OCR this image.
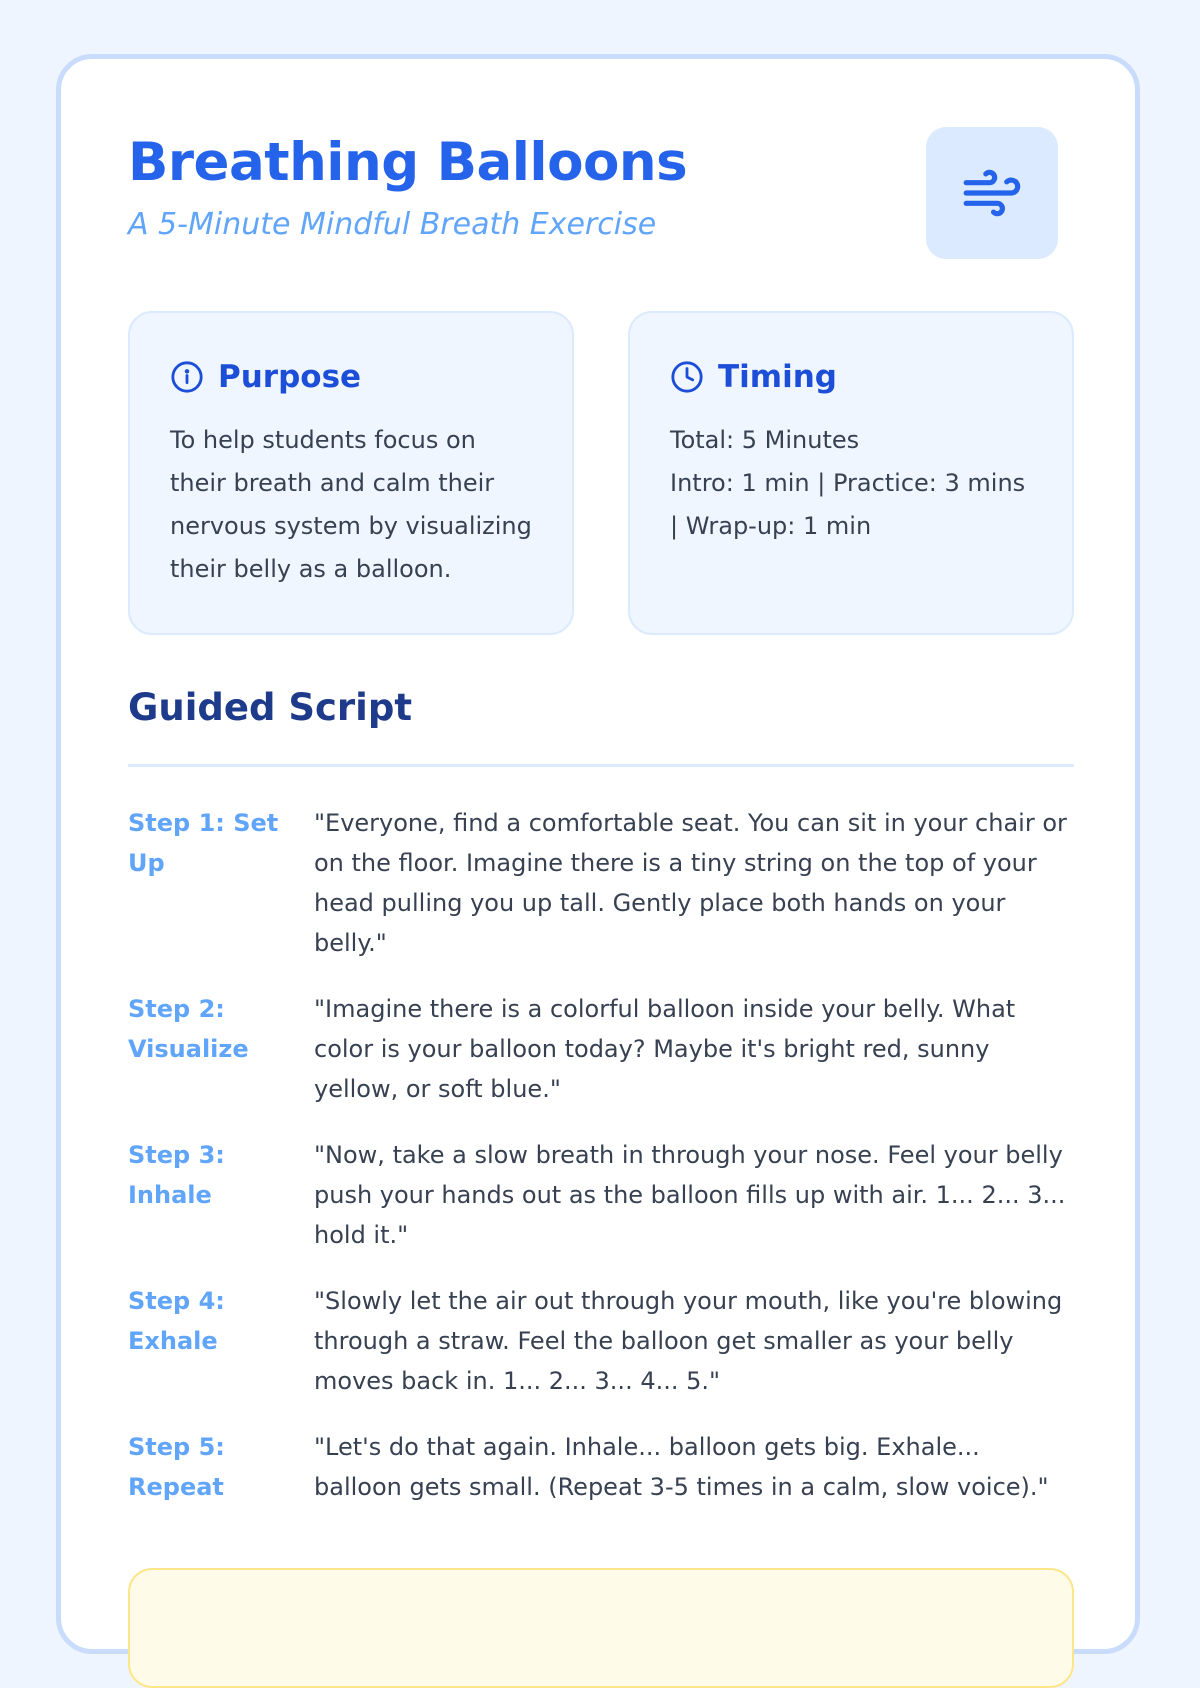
Breathing Balloons

A 5-Minute Mindful Breath Exercise

Purpose
To help students focus on their breath and calm their nervous system by visualizing their belly as a balloon.
Timing
Total: 5 Minutes
Intro: 1 min | Practice: 3 mins | Wrap-up: 1 min
Guided Script
Step 1: Set Up
"Everyone, find a comfortable seat. You can sit in your chair or on the floor. Imagine there is a tiny string on the top of your head pulling you up tall. Gently place both hands on your belly."
Step 2: Visualize
"Imagine there is a colorful balloon inside your belly. What color is your balloon today? Maybe it's bright red, sunny yellow, or soft blue."
Step 3: Inhale
"Now, take a slow breath in through your nose. Feel your belly push your hands out as the balloon fills up with air. 1... 2... 3... hold it."
Step 4: Exhale
"Slowly let the air out through your mouth, like you're blowing through a straw. Feel the balloon get smaller as your belly moves back in. 1... 2... 3... 4... 5."
Step 5: Repeat
"Let's do that again. Inhale... balloon gets big. Exhale... balloon gets small. (Repeat 3-5 times in a calm, slow voice)."
